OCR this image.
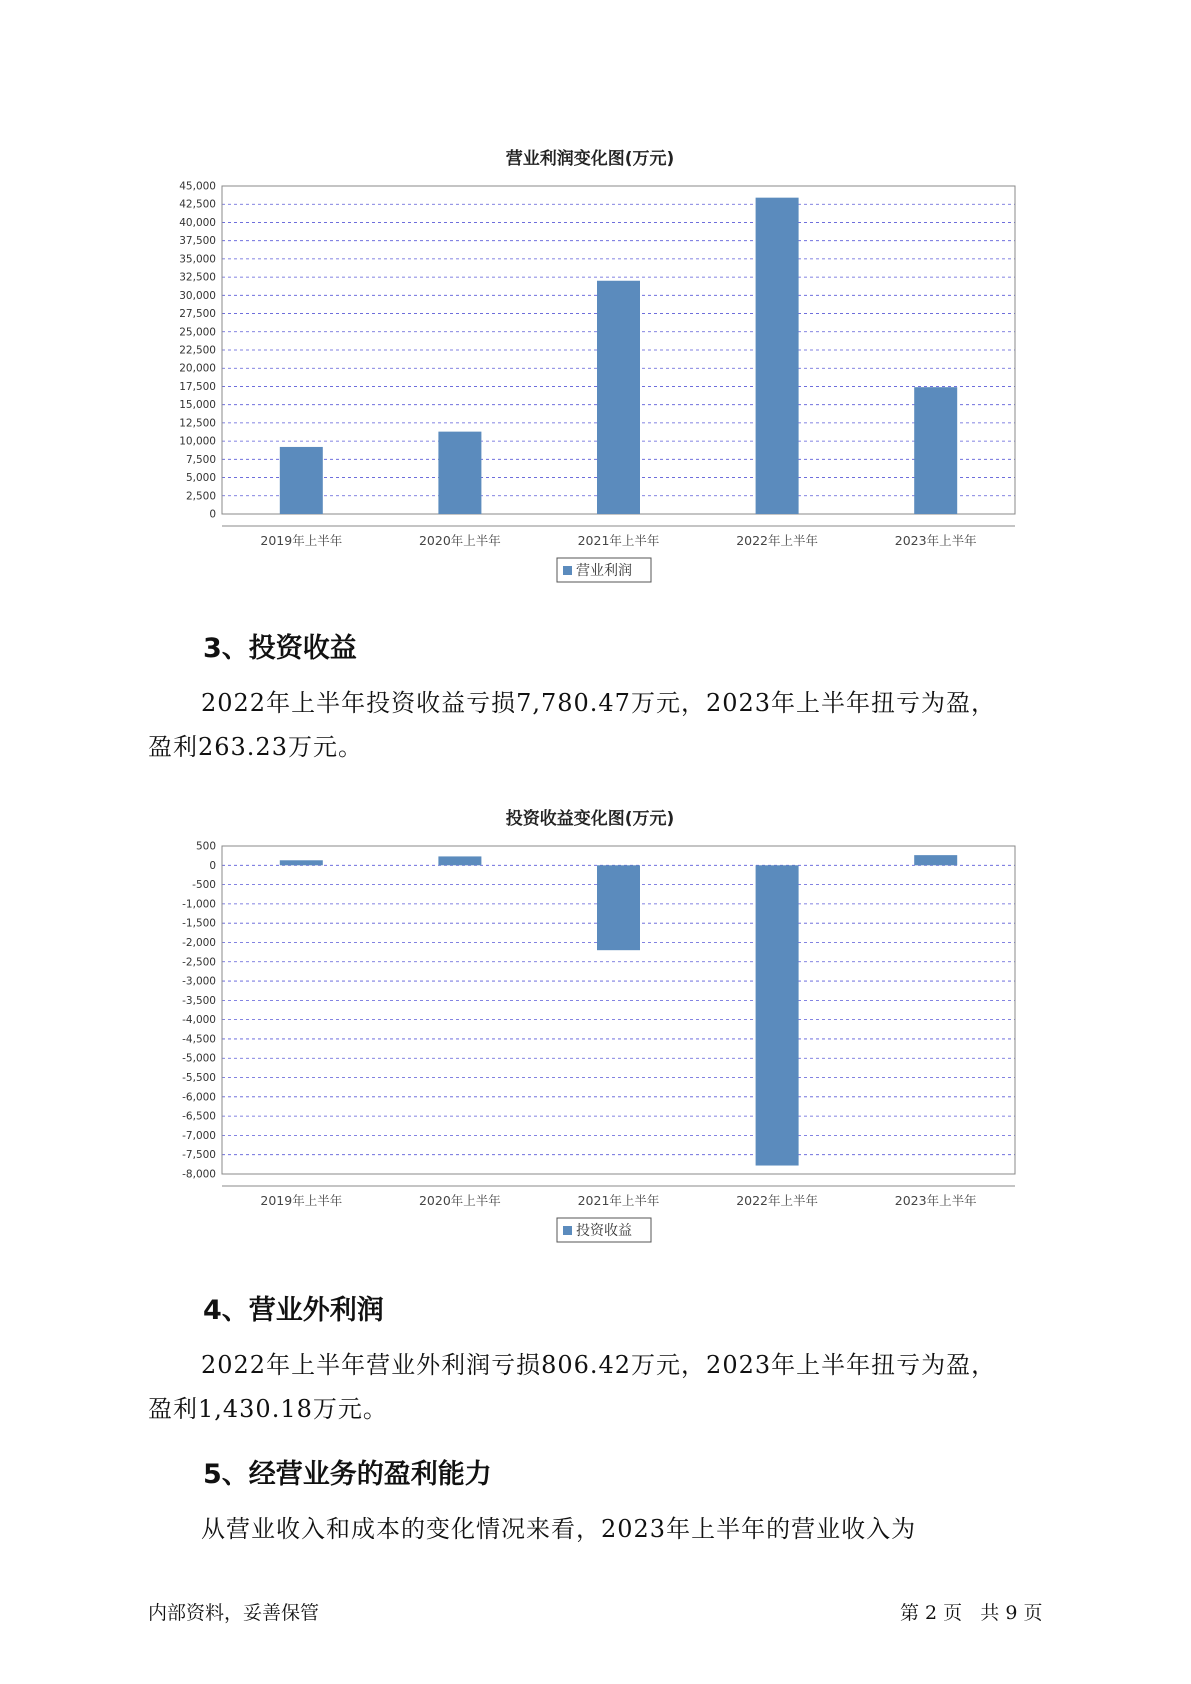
营业利润变化图(万元)
0
2,500
5,000
7,500
10,000
12,500
15,000
17,500
20,000
22,500
25,000
27,500
30,000
32,500
35,000
37,500
40,000
42,500
45,000
2019年上半年	2020年上半年	2021年上半年	2022年上半年	2023年上半年
营业利润
3、投资收益

2022年上半年投资收益亏损7,780.47万元，2023年上半年扭亏为盈，
盈利263.23万元。

投资收益变化图(万元)
-8,000
-7,500
-7,000
-6,500
-6,000
-5,500
-5,000
-4,500
-4,000
-3,500
-3,000
-2,500
-2,000
-1,500
-1,000
-500
0
500
2019年上半年	2020年上半年	2021年上半年	2022年上半年	2023年上半年
投资收益
4、营业外利润

2022年上半年营业外利润亏损806.42万元，2023年上半年扭亏为盈，
盈利1,430.18万元。

5、经营业务的盈利能力

从营业收入和成本的变化情况来看，2023年上半年的营业收入为

内部资料，妥善保管	第 2 页   共 9 页
